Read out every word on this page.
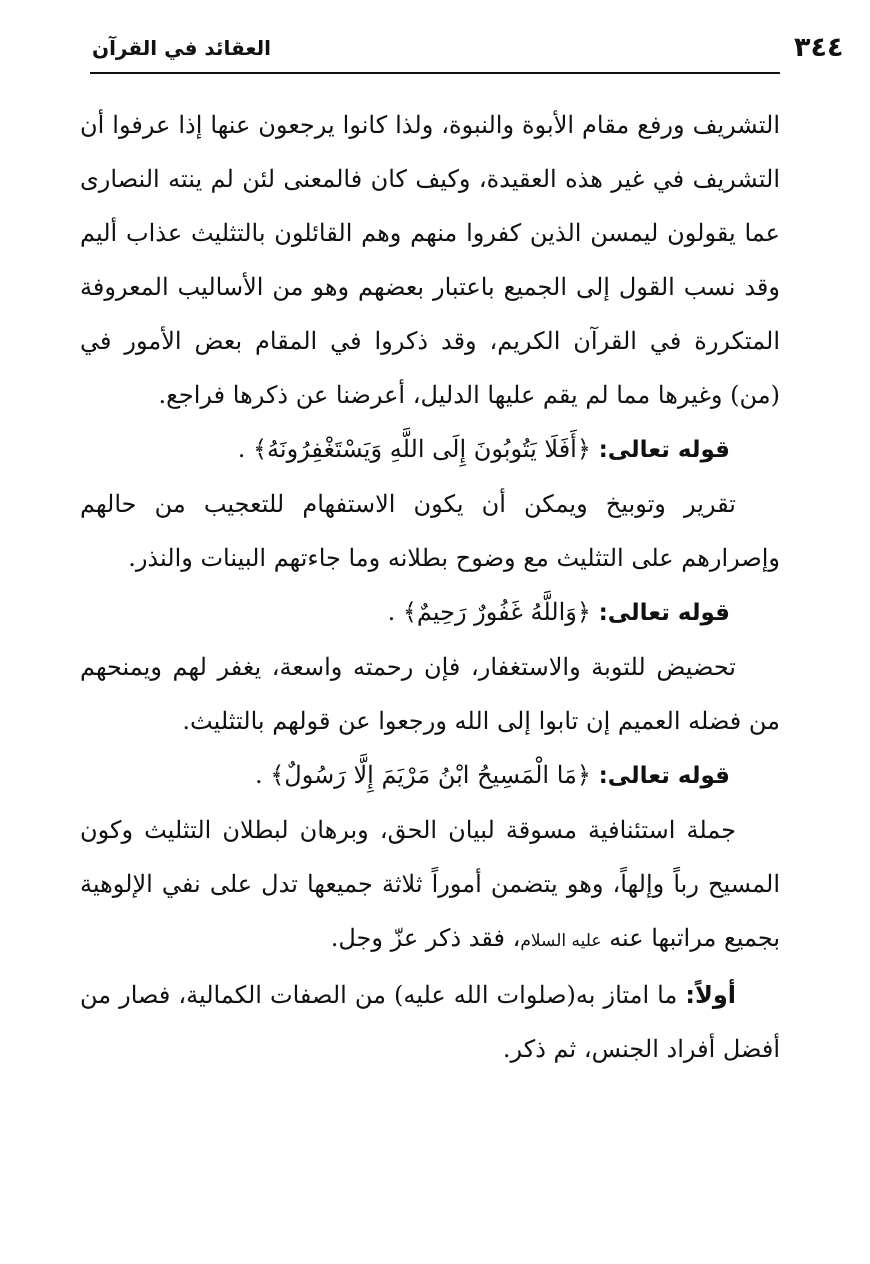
العقائد في القرآن	٣٤٤

التشريف ورفع مقام الأبوة والنبوة، ولذا كانوا يرجعون عنها إذا عرفوا أن التشريف في غير هذه العقيدة، وكيف كان فالمعنى لئن لم ينته النصارى عما يقولون ليمسن الذين كفروا منهم وهم القائلون بالتثليث عذاب أليم وقد نسب القول إلى الجميع باعتبار بعضهم وهو من الأساليب المعروفة المتكررة في القرآن الكريم، وقد ذكروا في المقام بعض الأمور في (من) وغيرها مما لم يقم عليها الدليل، أعرضنا عن ذكرها فراجع.

قوله تعالى: ﴿أَفَلَا يَتُوبُونَ إِلَى اللَّهِ وَيَسْتَغْفِرُونَهُ﴾ .

تقرير وتوبيخ ويمكن أن يكون الاستفهام للتعجيب من حالهم وإصرارهم على التثليث مع وضوح بطلانه وما جاءتهم البينات والنذر.

قوله تعالى: ﴿وَاللَّهُ غَفُورٌ رَحِيمٌ﴾ .

تحضيض للتوبة والاستغفار، فإن رحمته واسعة، يغفر لهم ويمنحهم من فضله العميم إن تابوا إلى الله ورجعوا عن قولهم بالتثليث.

قوله تعالى: ﴿مَا الْمَسِيحُ ابْنُ مَرْيَمَ إِلَّا رَسُولٌ﴾ .

جملة استئنافية مسوقة لبيان الحق، وبرهان لبطلان التثليث وكون المسيح رباً وإلهاً، وهو يتضمن أموراً ثلاثة جميعها تدل على نفي الإلوهية بجميع مراتبها عنه عليه السلام، فقد ذكر عزّ وجل.

أولاً: ما امتاز به(صلوات الله عليه) من الصفات الكمالية، فصار من أفضل أفراد الجنس، ثم ذكر.
